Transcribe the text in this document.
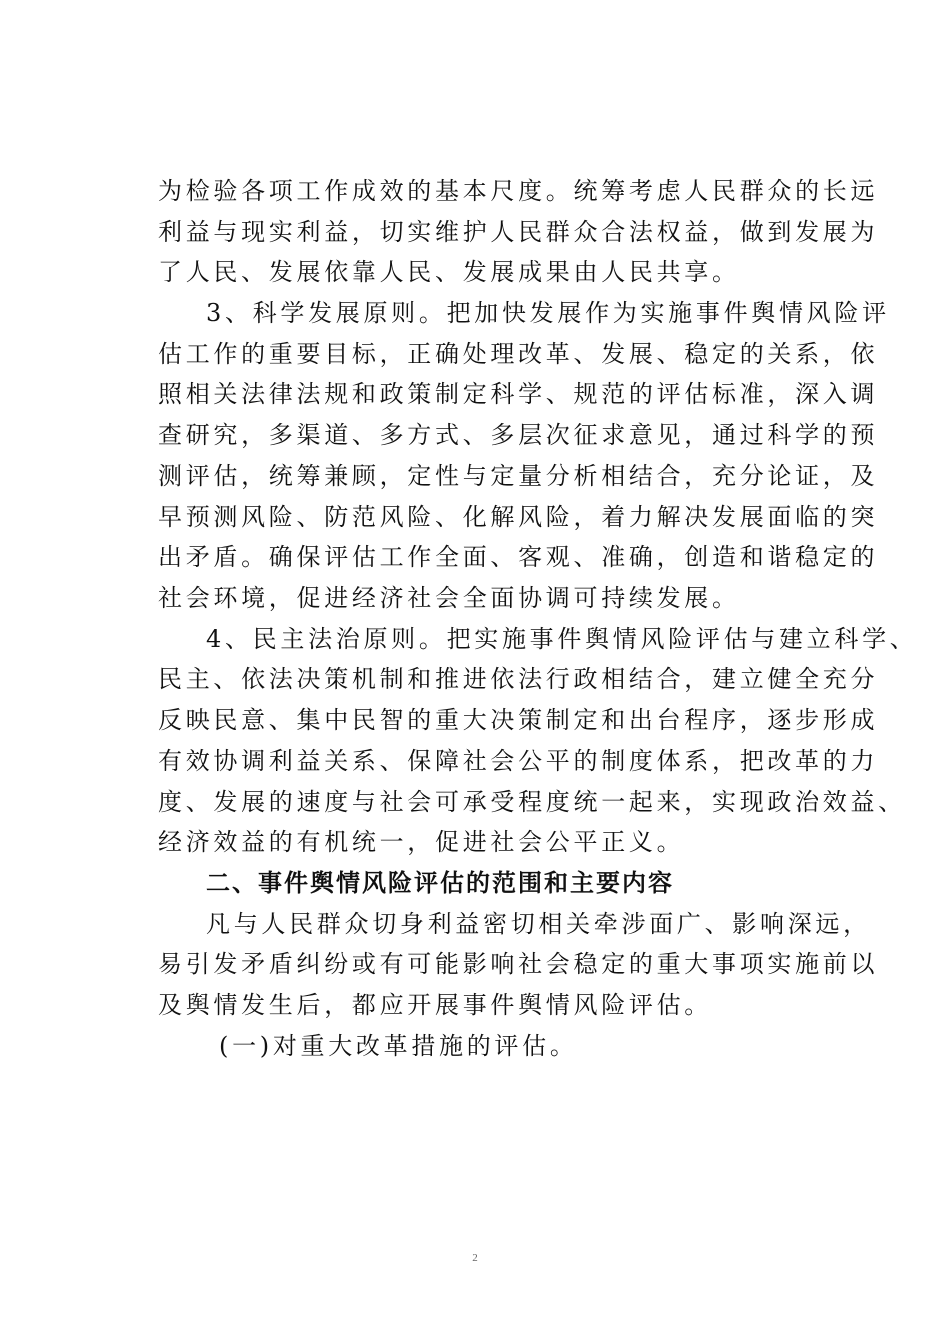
为检验各项工作成效的基本尺度。统筹考虑人民群众的长远
利益与现实利益，切实维护人民群众合法权益，做到发展为
了人民、发展依靠人民、发展成果由人民共享。
3、科学发展原则。把加快发展作为实施事件舆情风险评
估工作的重要目标，正确处理改革、发展、稳定的关系，依
照相关法律法规和政策制定科学、规范的评估标准，深入调
查研究，多渠道、多方式、多层次征求意见，通过科学的预
测评估，统筹兼顾，定性与定量分析相结合，充分论证，及
早预测风险、防范风险、化解风险，着力解决发展面临的突
出矛盾。确保评估工作全面、客观、准确，创造和谐稳定的
社会环境，促进经济社会全面协调可持续发展。
4、民主法治原则。把实施事件舆情风险评估与建立科学、
民主、依法决策机制和推进依法行政相结合，建立健全充分
反映民意、集中民智的重大决策制定和出台程序，逐步形成
有效协调利益关系、保障社会公平的制度体系，把改革的力
度、发展的速度与社会可承受程度统一起来，实现政治效益、
经济效益的有机统一，促进社会公平正义。
二、事件舆情风险评估的范围和主要内容
凡与人民群众切身利益密切相关牵涉面广、影响深远，
易引发矛盾纠纷或有可能影响社会稳定的重大事项实施前以
及舆情发生后，都应开展事件舆情风险评估。
(一)对重大改革措施的评估。
2
